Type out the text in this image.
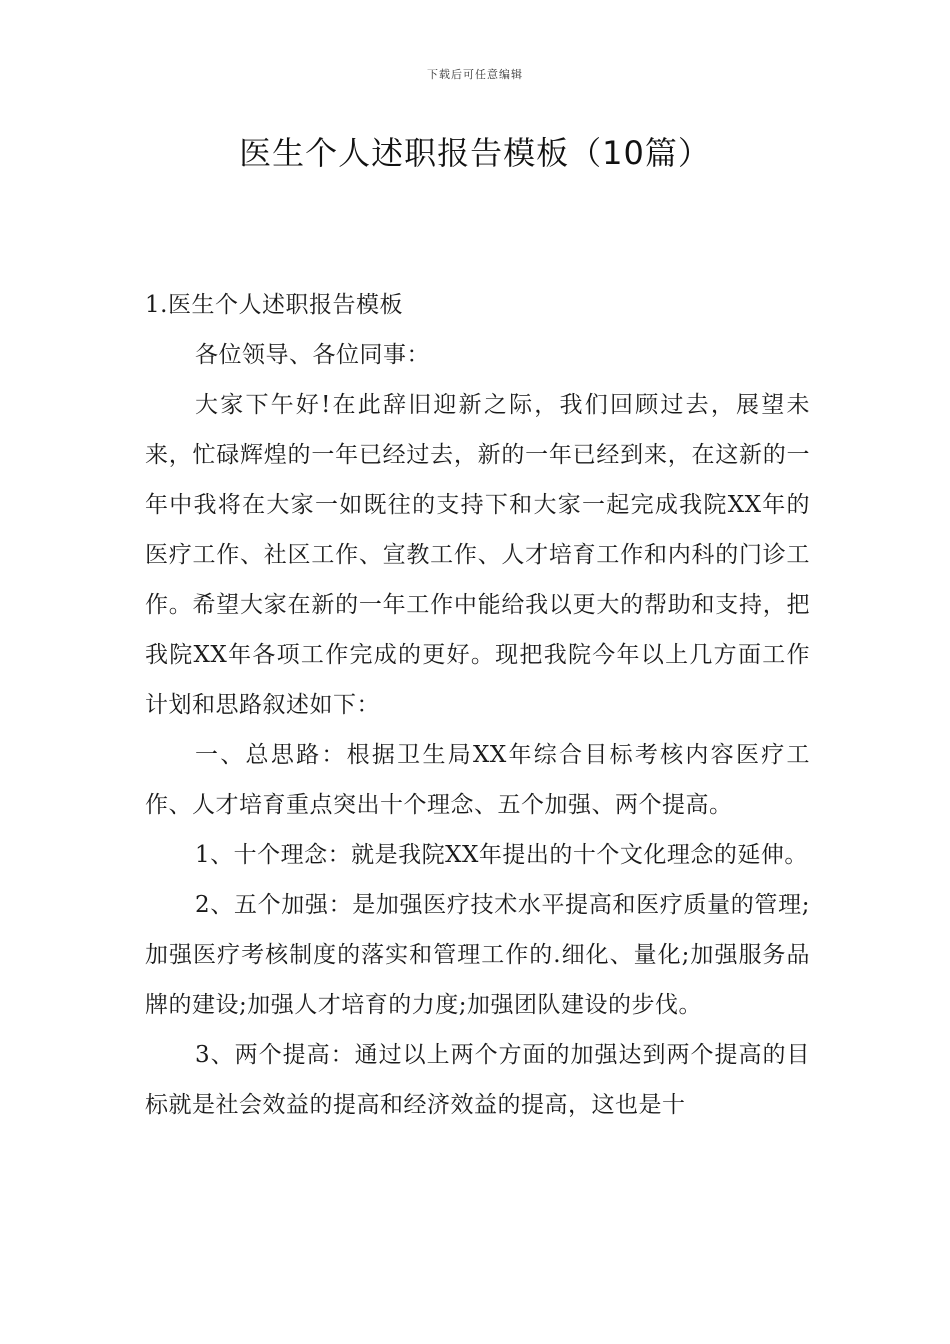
下载后可任意编辑
医生个人述职报告模板（10篇）

1.医生个人述职报告模板

各位领导、各位同事：

大家下午好!在此辞旧迎新之际，我们回顾过去，展望未来，忙碌辉煌的一年已经过去，新的一年已经到来，在这新的一年中我将在大家一如既往的支持下和大家一起完成我院XX年的医疗工作、社区工作、宣教工作、人才培育工作和内科的门诊工作。希望大家在新的一年工作中能给我以更大的帮助和支持，把我院XX年各项工作完成的更好。现把我院今年以上几方面工作计划和思路叙述如下：

一、总思路：根据卫生局XX年综合目标考核内容医疗工作、人才培育重点突出十个理念、五个加强、两个提高。

1、十个理念：就是我院XX年提出的十个文化理念的延伸。

2、五个加强：是加强医疗技术水平提高和医疗质量的管理;加强医疗考核制度的落实和管理工作的.细化、量化;加强服务品牌的建设;加强人才培育的力度;加强团队建设的步伐。

3、两个提高：通过以上两个方面的加强达到两个提高的目标就是社会效益的提高和经济效益的提高，这也是十
